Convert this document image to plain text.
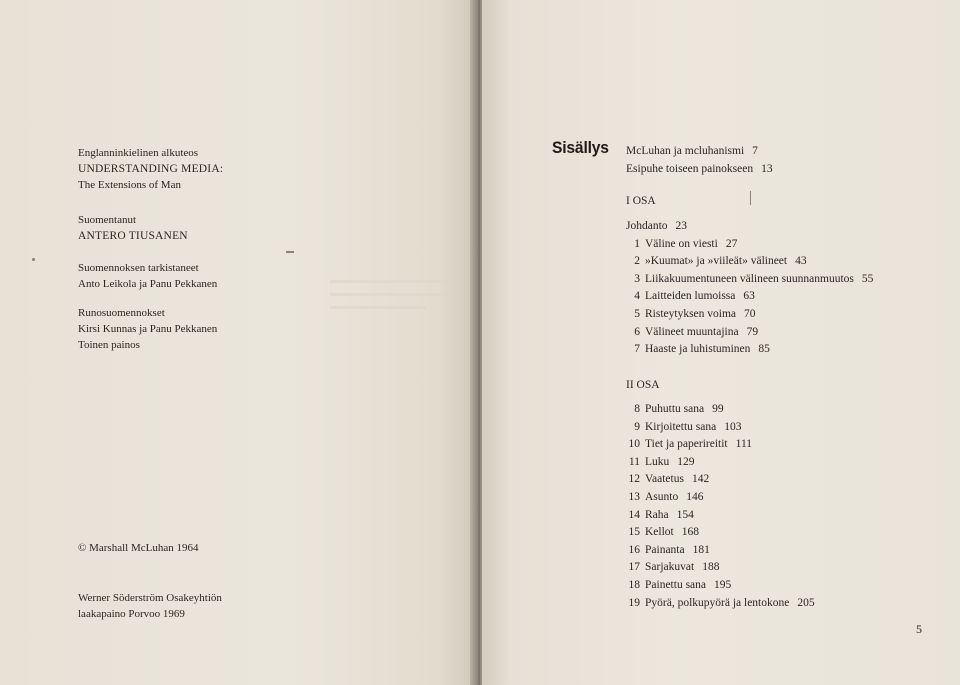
Englanninkielinen alkuteos
UNDERSTANDING MEDIA:
The Extensions of Man
Suomentanut
ANTERO TIUSANEN
Suomennoksen tarkistaneet
Anto Leikola ja Panu Pekkanen
Runosuomennokset
Kirsi Kunnas ja Panu Pekkanen
Toinen painos
© Marshall McLuhan 1964
Werner Söderström Osakeyhtiön
laakapaino Porvoo 1969
Sisällys McLuhan ja mcluhanismi 7
Esipuhe toiseen painokseen 13
I OSA
Johdanto 23
1 Väline on viesti 27
2 »Kuumat» ja »viileät» välineet 43
3 Liikakuumentuneen välineen suunnanmuutos 55
4 Laitteiden lumoissa 63
5 Risteytyksen voima 70
6 Välineet muuntajina 79
7 Haaste ja luhistuminen 85
II OSA
8 Puhuttu sana 99
9 Kirjoitettu sana 103
10 Tiet ja paperireitit 111
11 Luku 129
12 Vaatetus 142
13 Asunto 146
14 Raha 154
15 Kellot 168
16 Painanta 181
17 Sarjakuvat 188
18 Painettu sana 195
19 Pyörä, polkupyörä ja lentokone 205
5
